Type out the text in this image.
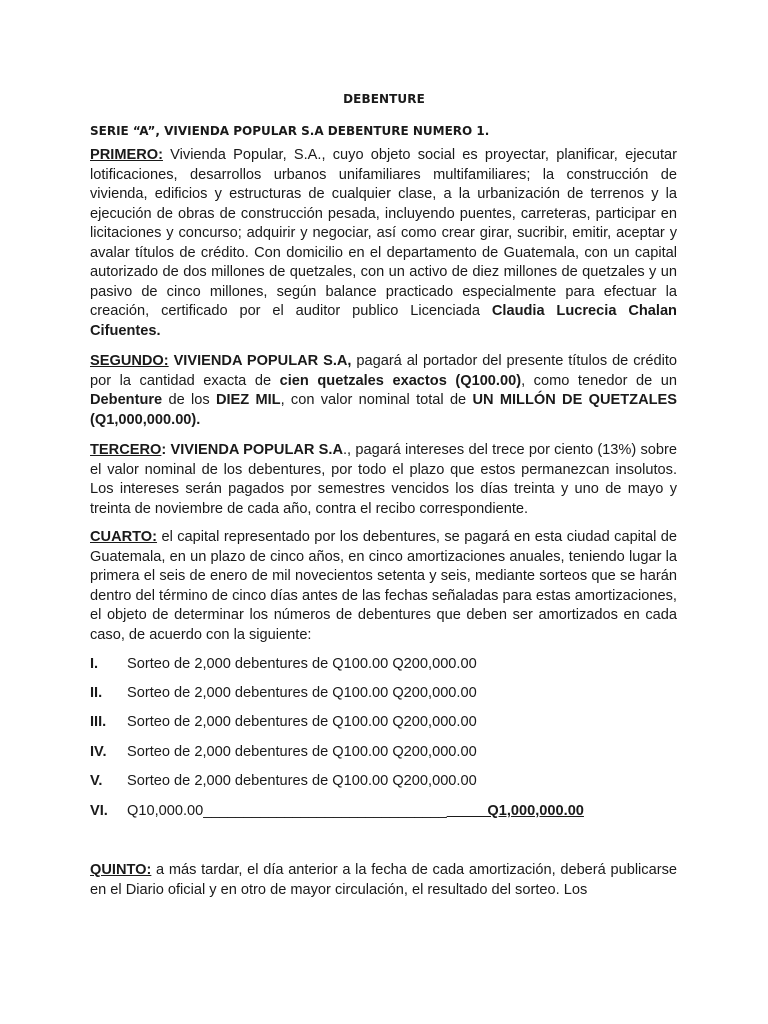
DEBENTURE
SERIE “A”, VIVIENDA POPULAR S.A DEBENTURE NUMERO 1.

PRIMERO: Vivienda Popular, S.A., cuyo objeto social es proyectar, planificar, ejecutar lotificaciones, desarrollos urbanos unifamiliares multifamiliares; la construcción de vivienda, edificios y estructuras de cualquier clase, a la urbanización de terrenos y la ejecución de obras de construcción pesada, incluyendo puentes, carreteras, participar en licitaciones y concurso; adquirir y negociar, así como crear girar, sucribir, emitir, aceptar y avalar títulos de crédito. Con domicilio en el departamento de Guatemala, con un capital autorizado de dos millones de quetzales, con un activo de diez millones de quetzales y un pasivo de cinco millones, según balance practicado especialmente para efectuar la creación, certificado por el auditor publico Licenciada Claudia Lucrecia Chalan Cifuentes.

SEGUNDO: VIVIENDA POPULAR S.A, pagará al portador del presente títulos de crédito por la cantidad exacta de cien quetzales exactos (Q100.00), como tenedor de un Debenture de los DIEZ MIL, con valor nominal total de UN MILLÓN DE QUETZALES (Q1,000,000.00).

TERCERO: VIVIENDA POPULAR S.A., pagará intereses del trece por ciento (13%) sobre el valor nominal de los debentures, por todo el plazo que estos permanezcan insolutos. Los intereses serán pagados por semestres vencidos los días treinta y uno de mayo y treinta de noviembre de cada año, contra el recibo correspondiente.

CUARTO: el capital representado por los debentures, se pagará en esta ciudad capital de Guatemala, en un plazo de cinco años, en cinco amortizaciones anuales, teniendo lugar la primera el seis de enero de mil novecientos setenta y seis, mediante sorteos que se harán dentro del término de cinco días antes de las fechas señaladas para estas amortizaciones, el objeto de determinar los números de debentures que deben ser amortizados en cada caso, de acuerdo con la siguiente:

I. Sorteo de 2,000 debentures de Q100.00 Q200,000.00
II. Sorteo de 2,000 debentures de Q100.00 Q200,000.00
III. Sorteo de 2,000 debentures de Q100.00 Q200,000.00
IV. Sorteo de 2,000 debentures de Q100.00 Q200,000.00
V. Sorteo de 2,000 debentures de Q100.00 Q200,000.00
VI. Q10,000.00___________________________________Q1,000,000.00

QUINTO: a más tardar, el día anterior a la fecha de cada amortización, deberá publicarse en el Diario oficial y en otro de mayor circulación, el resultado del sorteo. Los
